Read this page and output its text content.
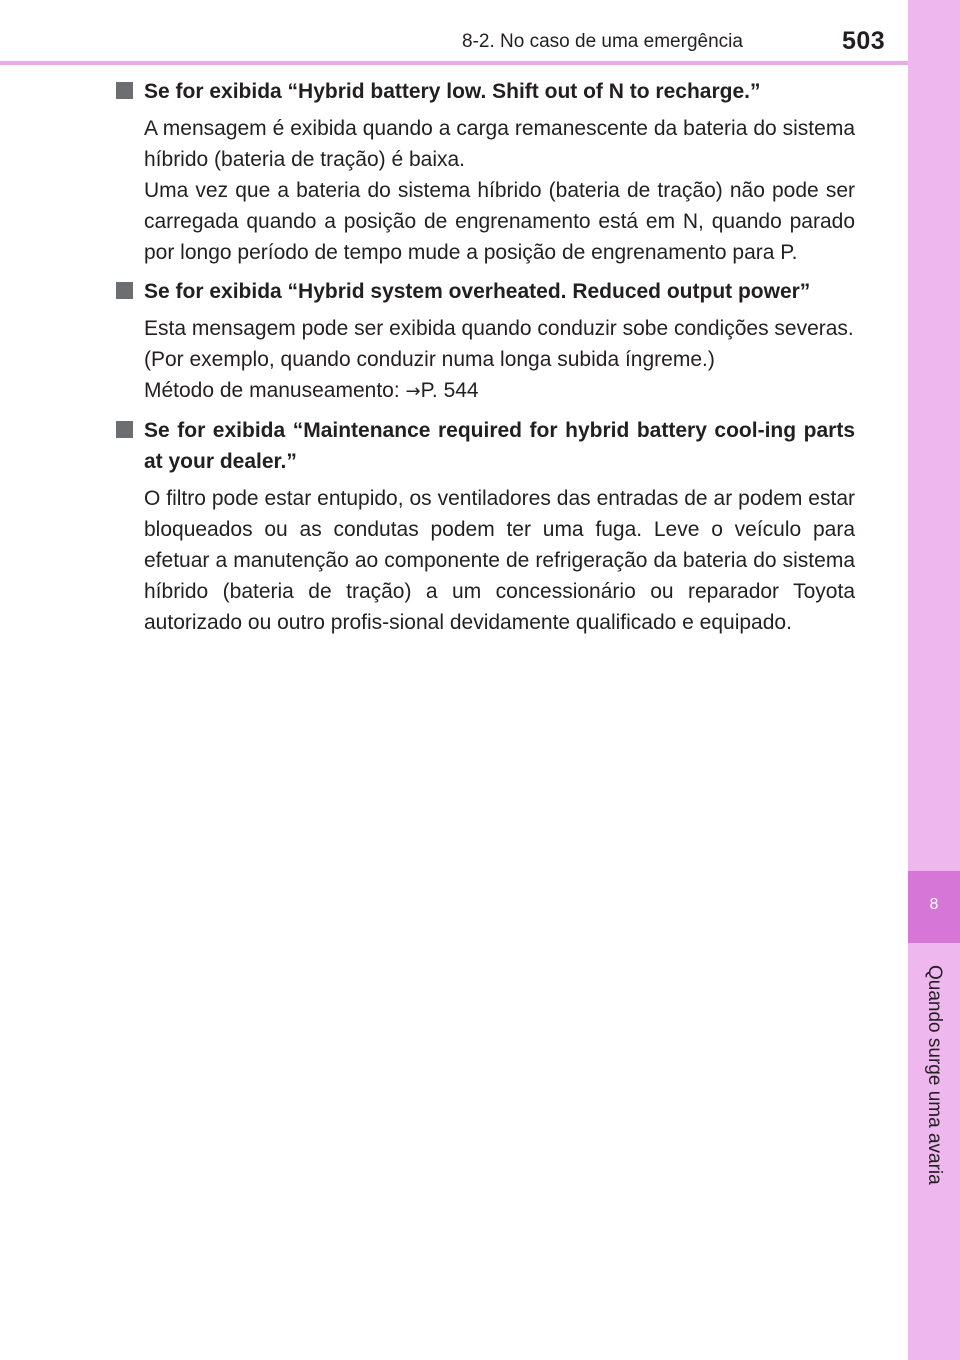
8-2. No caso de uma emergência	503
8
Quando surge uma avaria
Se for exibida “Hybrid battery low. Shift out of N to recharge.”

A mensagem é exibida quando a carga remanescente da bateria do sistema híbrido (bateria de tração) é baixa.

Uma vez que a bateria do sistema híbrido (bateria de tração) não pode ser carregada quando a posição de engrenamento está em N, quando parado por longo período de tempo mude a posição de engrenamento para P.

Se for exibida “Hybrid system overheated. Reduced output power”

Esta mensagem pode ser exibida quando conduzir sobe condições severas.

(Por exemplo, quando conduzir numa longa subida íngreme.)

Método de manuseamento: →P. 544

Se for exibida “Maintenance required for hybrid battery cool-ing parts at your dealer.”

O filtro pode estar entupido, os ventiladores das entradas de ar podem estar bloqueados ou as condutas podem ter uma fuga. Leve o veículo para efetuar a manutenção ao componente de refrigeração da bateria do sistema híbrido (bateria de tração) a um concessionário ou reparador Toyota autorizado ou outro profis-sional devidamente qualificado e equipado.
